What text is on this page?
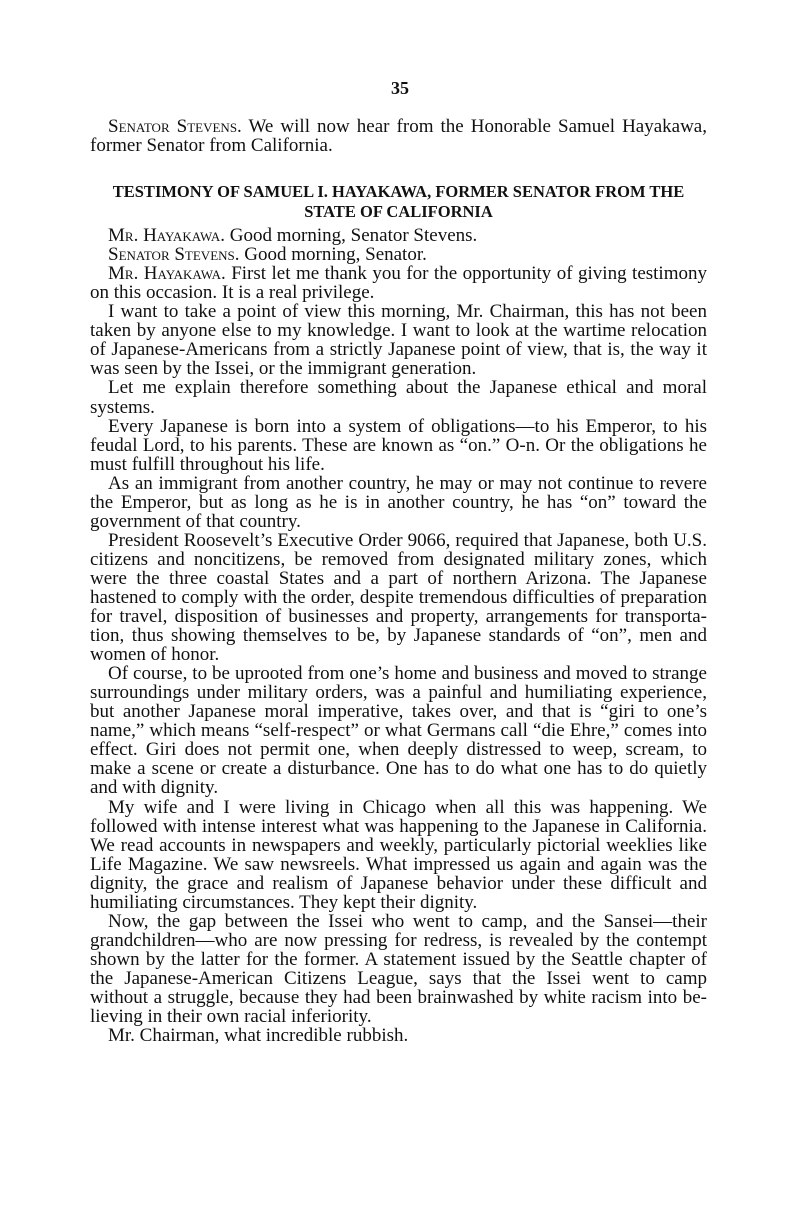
35

Senator Stevens. We will now hear from the Honorable Samuel Hayakawa, former Senator from California.

TESTIMONY OF SAMUEL I. HAYAKAWA, FORMER SENATOR FROM THE STATE OF CALIFORNIA

Mr. Hayakawa. Good morning, Senator Stevens.

Senator Stevens. Good morning, Senator.

Mr. Hayakawa. First let me thank you for the opportunity of giving testimony on this occasion. It is a real privilege.

I want to take a point of view this morning, Mr. Chairman, this has not been taken by anyone else to my knowledge. I want to look at the wartime relocation of Japanese-Americans from a strictly Japanese point of view, that is, the way it was seen by the Issei, or the immigrant generation.

Let me explain therefore something about the Japanese ethical and moral systems.

Every Japanese is born into a system of obligations—to his Emperor, to his feudal Lord, to his parents. These are known as “on.” O-n. Or the obligations he must fulfill throughout his life.

As an immigrant from another country, he may or may not continue to revere the Emperor, but as long as he is in another country, he has “on” toward the government of that country.

President Roosevelt’s Executive Order 9066, required that Japanese, both U.S. citizens and noncitizens, be removed from designated military zones, which were the three coastal States and a part of northern Arizona. The Japanese hastened to comply with the order, despite tremendous difficulties of preparation for travel, disposition of businesses and property, arrangements for transportation, thus showing themselves to be, by Japanese standards of “on”, men and women of honor.

Of course, to be uprooted from one’s home and business and moved to strange surroundings under military orders, was a painful and humiliating experience, but another Japanese moral imperative, takes over, and that is “giri to one’s name,” which means “self-respect” or what Germans call “die Ehre,” comes into effect. Giri does not permit one, when deeply distressed to weep, scream, to make a scene or create a disturbance. One has to do what one has to do quietly and with dignity.

My wife and I were living in Chicago when all this was happening. We followed with intense interest what was happening to the Japanese in California. We read accounts in newspapers and weekly, particularly pictorial weeklies like Life Magazine. We saw newsreels. What impressed us again and again was the dignity, the grace and realism of Japanese behavior under these difficult and humiliating circumstances. They kept their dignity.

Now, the gap between the Issei who went to camp, and the Sansei—their grandchildren—who are now pressing for redress, is revealed by the contempt shown by the latter for the former. A statement issued by the Seattle chapter of the Japanese-American Citizens League, says that the Issei went to camp without a struggle, because they had been brainwashed by white racism into believing in their own racial inferiority.

Mr. Chairman, what incredible rubbish.
